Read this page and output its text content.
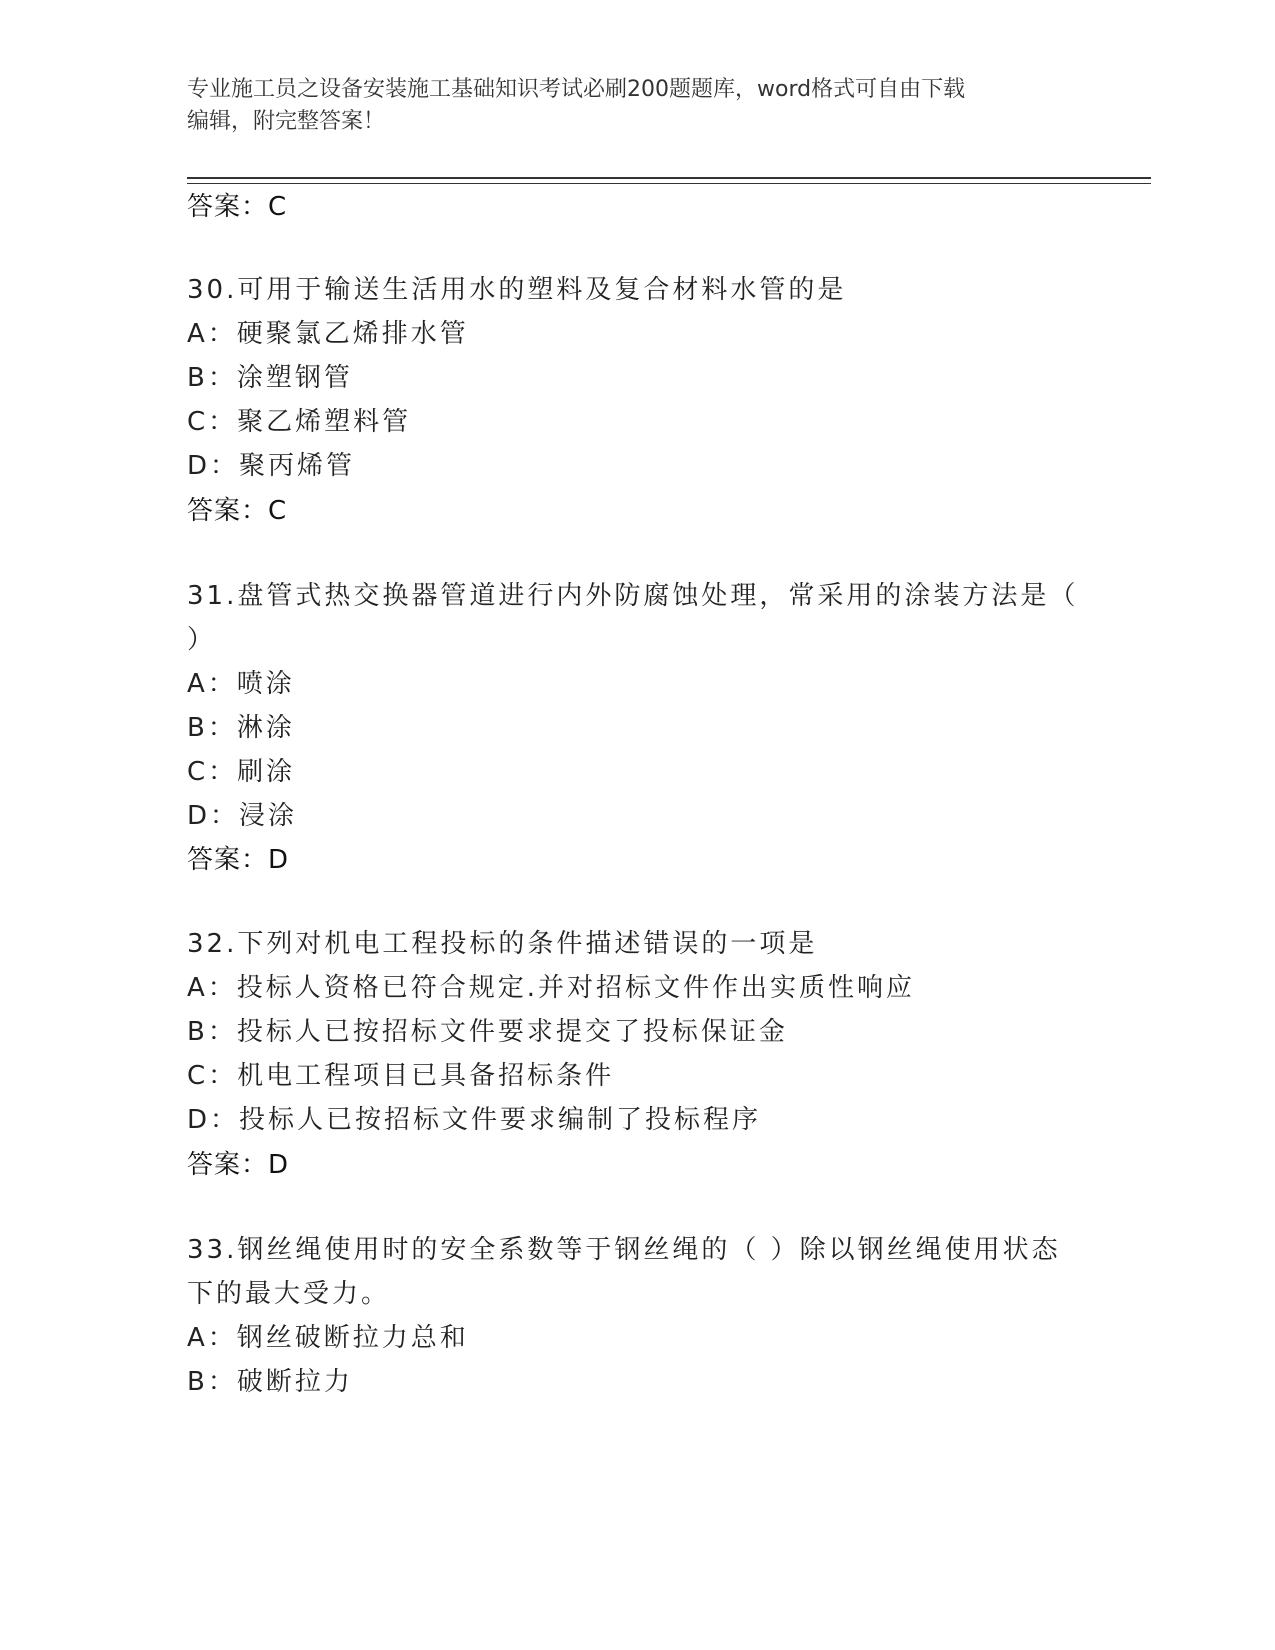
专业施工员之设备安装施工基础知识考试必刷200题题库，word格式可自由下载
编辑，附完整答案！
答案：C
30.可用于输送生活用水的塑料及复合材料水管的是
A：硬聚氯乙烯排水管
B：涂塑钢管
C：聚乙烯塑料管
D：聚丙烯管
答案：C
31.盘管式热交换器管道进行内外防腐蚀处理，常采用的涂装方法是（
）
A：喷涂
B：淋涂
C：刷涂
D：浸涂
答案：D
32.下列对机电工程投标的条件描述错误的一项是
A：投标人资格已符合规定.并对招标文件作出实质性响应
B：投标人已按招标文件要求提交了投标保证金
C：机电工程项目已具备招标条件
D：投标人已按招标文件要求编制了投标程序
答案：D
33.钢丝绳使用时的安全系数等于钢丝绳的（ ）除以钢丝绳使用状态
下的最大受力。
A：钢丝破断拉力总和
B：破断拉力
